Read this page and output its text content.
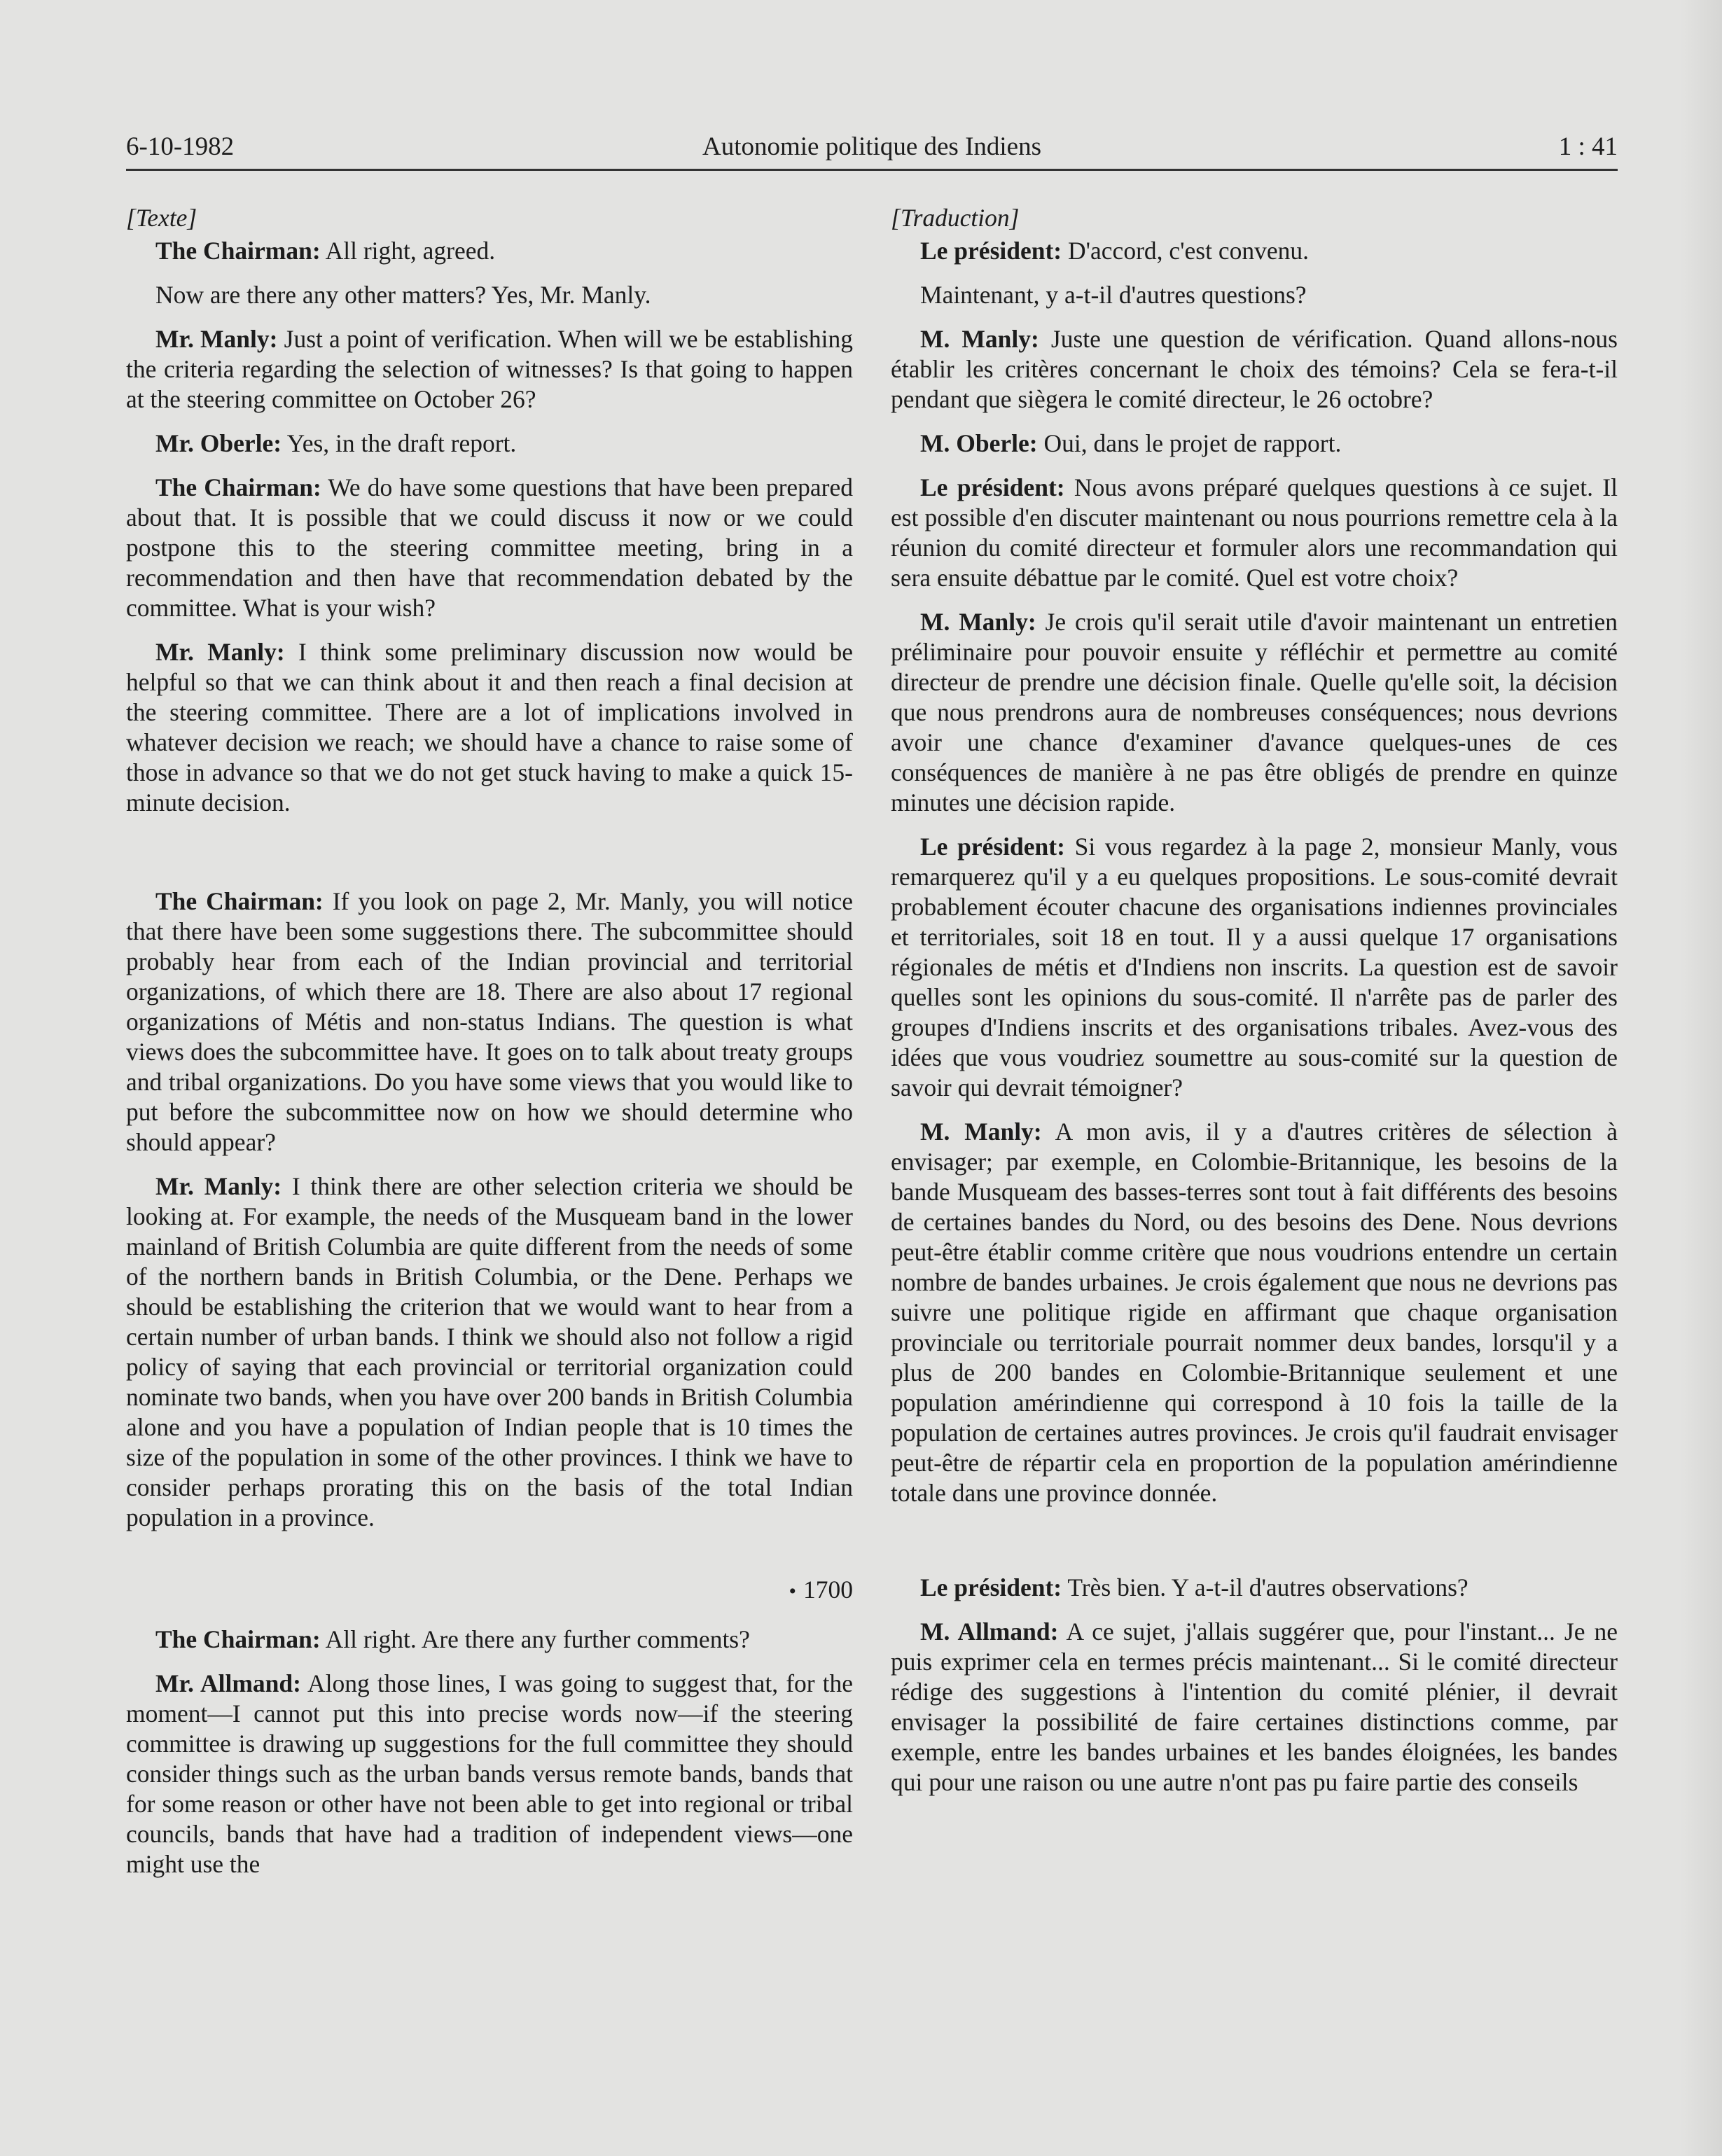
6-10-1982	Autonomie politique des Indiens	1 : 41
[Texte]

The Chairman: All right, agreed.

Now are there any other matters? Yes, Mr. Manly.

Mr. Manly: Just a point of verification. When will we be establishing the criteria regarding the selection of witnesses? Is that going to happen at the steering committee on October 26?

Mr. Oberle: Yes, in the draft report.

The Chairman: We do have some questions that have been prepared about that. It is possible that we could discuss it now or we could postpone this to the steering committee meeting, bring in a recommendation and then have that recommendation debated by the committee. What is your wish?

Mr. Manly: I think some preliminary discussion now would be helpful so that we can think about it and then reach a final decision at the steering committee. There are a lot of implications involved in whatever decision we reach; we should have a chance to raise some of those in advance so that we do not get stuck having to make a quick 15-minute decision.

The Chairman: If you look on page 2, Mr. Manly, you will notice that there have been some suggestions there. The subcommittee should probably hear from each of the Indian provincial and territorial organizations, of which there are 18. There are also about 17 regional organizations of Métis and non-status Indians. The question is what views does the subcommittee have. It goes on to talk about treaty groups and tribal organizations. Do you have some views that you would like to put before the subcommittee now on how we should determine who should appear?

Mr. Manly: I think there are other selection criteria we should be looking at. For example, the needs of the Musqueam band in the lower mainland of British Columbia are quite different from the needs of some of the northern bands in British Columbia, or the Dene. Perhaps we should be establishing the criterion that we would want to hear from a certain number of urban bands. I think we should also not follow a rigid policy of saying that each provincial or territorial organization could nominate two bands, when you have over 200 bands in British Columbia alone and you have a population of Indian people that is 10 times the size of the population in some of the other provinces. I think we have to consider perhaps prorating this on the basis of the total Indian population in a province.

• 1700

The Chairman: All right. Are there any further comments?

Mr. Allmand: Along those lines, I was going to suggest that, for the moment—I cannot put this into precise words now—if the steering committee is drawing up suggestions for the full committee they should consider things such as the urban bands versus remote bands, bands that for some reason or other have not been able to get into regional or tribal councils, bands that have had a tradition of independent views—one might use the

[Traduction]

Le président: D'accord, c'est convenu.

Maintenant, y a-t-il d'autres questions?

M. Manly: Juste une question de vérification. Quand allons-nous établir les critères concernant le choix des témoins? Cela se fera-t-il pendant que siègera le comité directeur, le 26 octobre?

M. Oberle: Oui, dans le projet de rapport.

Le président: Nous avons préparé quelques questions à ce sujet. Il est possible d'en discuter maintenant ou nous pourrions remettre cela à la réunion du comité directeur et formuler alors une recommandation qui sera ensuite débattue par le comité. Quel est votre choix?

M. Manly: Je crois qu'il serait utile d'avoir maintenant un entretien préliminaire pour pouvoir ensuite y réfléchir et permettre au comité directeur de prendre une décision finale. Quelle qu'elle soit, la décision que nous prendrons aura de nombreuses conséquences; nous devrions avoir une chance d'examiner d'avance quelques-unes de ces conséquences de manière à ne pas être obligés de prendre en quinze minutes une décision rapide.

Le président: Si vous regardez à la page 2, monsieur Manly, vous remarquerez qu'il y a eu quelques propositions. Le sous-comité devrait probablement écouter chacune des organisations indiennes provinciales et territoriales, soit 18 en tout. Il y a aussi quelque 17 organisations régionales de métis et d'Indiens non inscrits. La question est de savoir quelles sont les opinions du sous-comité. Il n'arrête pas de parler des groupes d'Indiens inscrits et des organisations tribales. Avez-vous des idées que vous voudriez soumettre au sous-comité sur la question de savoir qui devrait témoigner?

M. Manly: A mon avis, il y a d'autres critères de sélection à envisager; par exemple, en Colombie-Britannique, les besoins de la bande Musqueam des basses-terres sont tout à fait différents des besoins de certaines bandes du Nord, ou des besoins des Dene. Nous devrions peut-être établir comme critère que nous voudrions entendre un certain nombre de bandes urbaines. Je crois également que nous ne devrions pas suivre une politique rigide en affirmant que chaque organisation provinciale ou territoriale pourrait nommer deux bandes, lorsqu'il y a plus de 200 bandes en Colombie-Britannique seulement et une population amérindienne qui correspond à 10 fois la taille de la population de certaines autres provinces. Je crois qu'il faudrait envisager peut-être de répartir cela en proportion de la population amérindienne totale dans une province donnée.

Le président: Très bien. Y a-t-il d'autres observations?

M. Allmand: A ce sujet, j'allais suggérer que, pour l'instant... Je ne puis exprimer cela en termes précis maintenant... Si le comité directeur rédige des suggestions à l'intention du comité plénier, il devrait envisager la possibilité de faire certaines distinctions comme, par exemple, entre les bandes urbaines et les bandes éloignées, les bandes qui pour une raison ou une autre n'ont pas pu faire partie des conseils
